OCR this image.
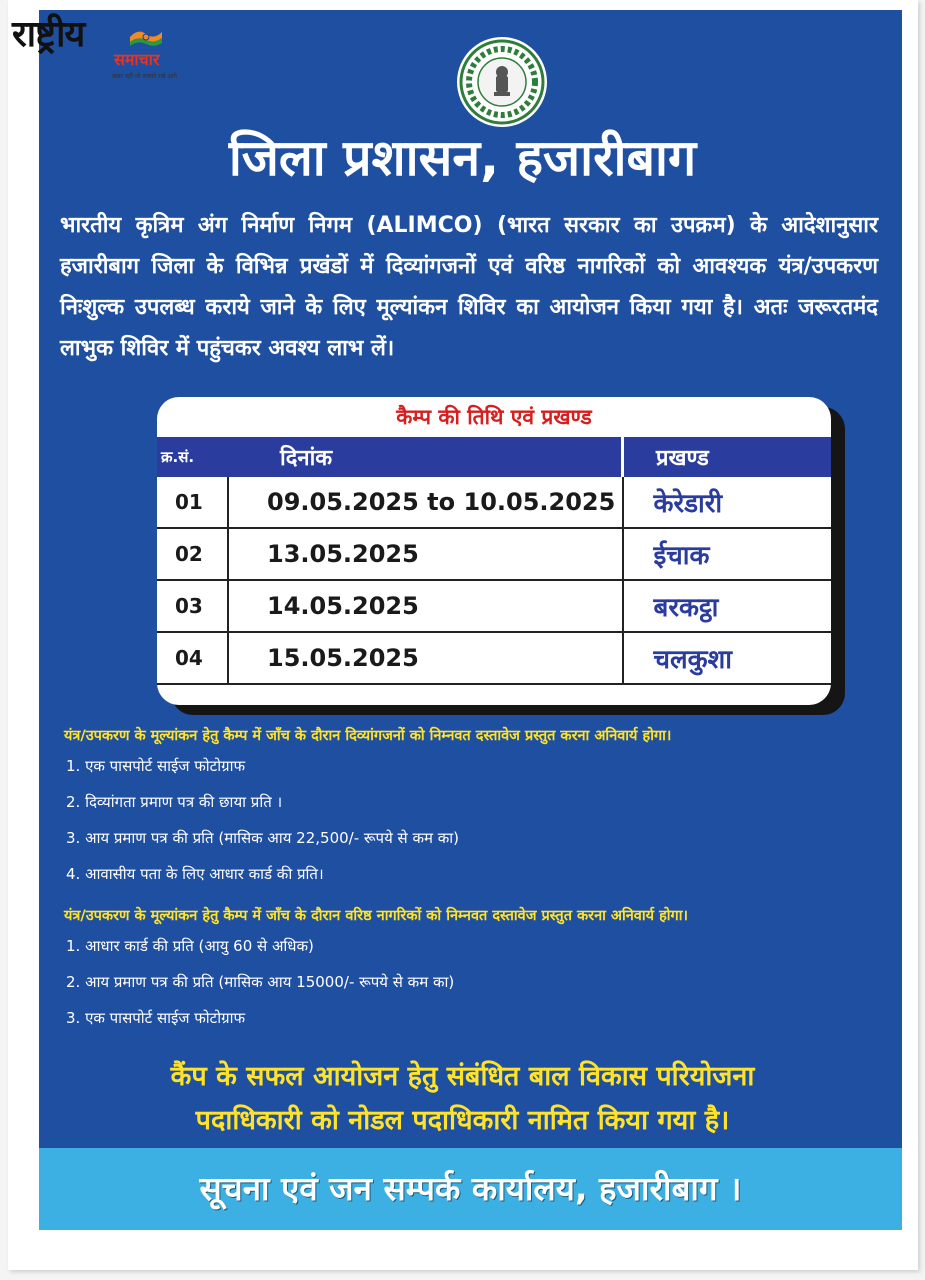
कैम्प की तिथि एवं प्रखण्ड
क्र.सं.	दिनांक	प्रखण्ड
01	09.05.2025 to 10.05.2025	केरेडारी
02	13.05.2025	ईचाक
03	14.05.2025	बरकट्ठा
04	15.05.2025	चलकुशा
सूचना एवं जन सम्पर्क कार्यालय, हजारीबाग ।
राष्ट्रीय
समाचार
खबर वहीं जो सबको रखे आगे
जिला प्रशासन, हजारीबाग
भारतीय कृत्रिम अंग निर्माण निगम (ALIMCO) (भारत सरकार का उपक्रम) के आदेशानुसार हजारीबाग जिला के विभिन्न प्रखंडों में दिव्यांगजनों एवं वरिष्ठ नागरिकों को आवश्यक यंत्र/उपकरण निःशुल्क उपलब्ध कराये जाने के लिए मूल्यांकन शिविर का आयोजन किया गया है। अतः जरूरतमंद लाभुक शिविर में पहुंचकर अवश्य लाभ लें।
यंत्र/उपकरण के मूल्यांकन हेतु कैम्प में जाँच के दौरान दिव्यांगजनों को निम्नवत दस्तावेज प्रस्तुत करना अनिवार्य होगा।
1. एक पासपोर्ट साईज फोटोग्राफ
2. दिव्यांगता प्रमाण पत्र की छाया प्रति ।
3. आय प्रमाण पत्र की प्रति (मासिक आय 22,500/- रूपये से कम का)
4. आवासीय पता के लिए आधार कार्ड की प्रति।
यंत्र/उपकरण के मूल्यांकन हेतु कैम्प में जाँच के दौरान वरिष्ठ नागरिकों को निम्नवत दस्तावेज प्रस्तुत करना अनिवार्य होगा।
1. आधार कार्ड की प्रति (आयु 60 से अधिक)
2. आय प्रमाण पत्र की प्रति (मासिक आय 15000/- रूपये से कम का)
3. एक पासपोर्ट साईज फोटोग्राफ
कैंप के सफल आयोजन हेतु संबंधित बाल विकास परियोजना
पदाधिकारी को नोडल पदाधिकारी नामित किया गया है।
